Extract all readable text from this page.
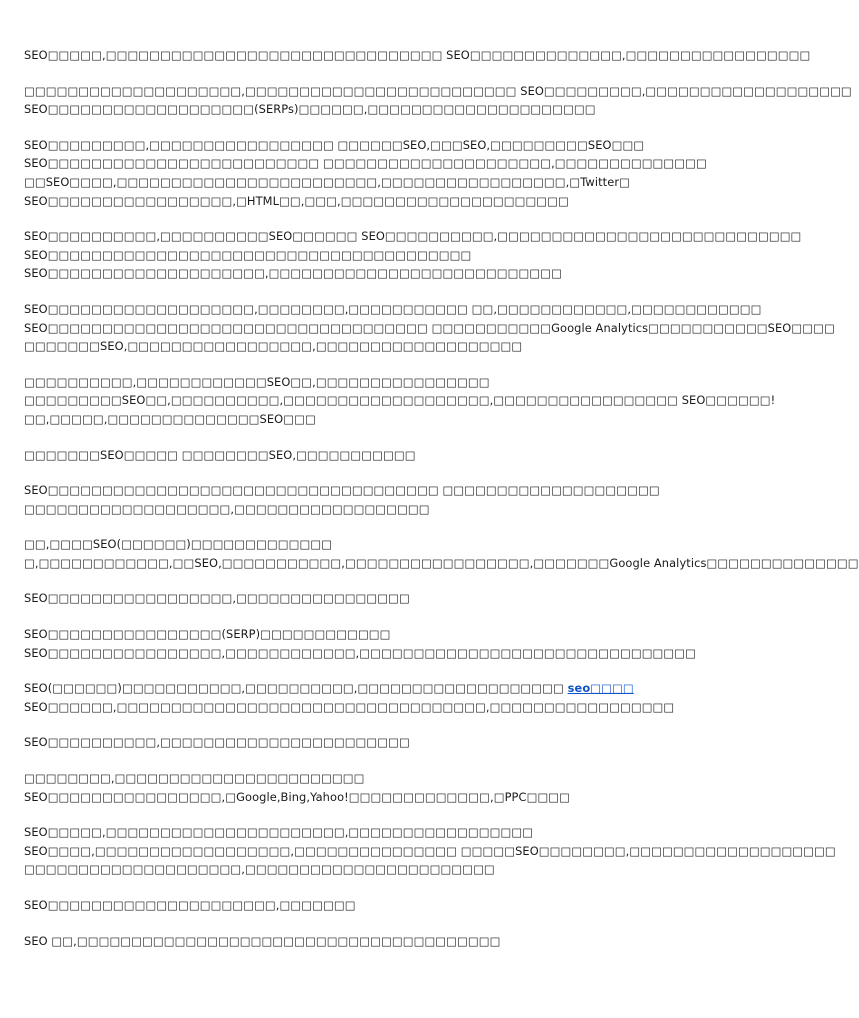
SEO□□□□□,□□□□□□□□□□□□□□□□□□□□□□□□□□□□□□□ SEO□□□□□□□□□□□□□□,□□□□□□□□□□□□□□□□□
□□□□□□□□□□□□□□□□□□□□,□□□□□□□□□□□□□□□□□□□□□□□□□ SEO□□□□□□□□□,□□□□□□□□□□□□□□□□□□□
SEO□□□□□□□□□□□□□□□□□□□(SERPs)□□□□□□,□□□□□□□□□□□□□□□□□□□□□
SEO□□□□□□□□□,□□□□□□□□□□□□□□□□□ □□□□□□SEO,□□□SEO,□□□□□□□□□SEO□□□
SEO□□□□□□□□□□□□□□□□□□□□□□□□□ □□□□□□□□□□□□□□□□□□□□□,□□□□□□□□□□□□□□
□□SEO□□□□,□□□□□□□□□□□□□□□□□□□□□□□□,□□□□□□□□□□□□□□□□□,□Twitter□
SEO□□□□□□□□□□□□□□□□□,□HTML□□,□□□,□□□□□□□□□□□□□□□□□□□□□
SEO□□□□□□□□□□,□□□□□□□□□□SEO□□□□□□ SEO□□□□□□□□□□,□□□□□□□□□□□□□□□□□□□□□□□□□□□□
SEO□□□□□□□□□□□□□□□□□□□□□□□□□□□□□□□□□□□□□□□
SEO□□□□□□□□□□□□□□□□□□□□,□□□□□□□□□□□□□□□□□□□□□□□□□□□
SEO□□□□□□□□□□□□□□□□□□□,□□□□□□□□,□□□□□□□□□□□ □□,□□□□□□□□□□□□,□□□□□□□□□□□□
SEO□□□□□□□□□□□□□□□□□□□□□□□□□□□□□□□□□□□ □□□□□□□□□□□Google Analytics□□□□□□□□□□□SEO□□□□
□□□□□□□SEO,□□□□□□□□□□□□□□□□□,□□□□□□□□□□□□□□□□□□□
□□□□□□□□□□,□□□□□□□□□□□□SEO□□,□□□□□□□□□□□□□□□□
□□□□□□□□□SEO□□,□□□□□□□□□□,□□□□□□□□□□□□□□□□□□□,□□□□□□□□□□□□□□□□□ SEO□□□□□□!
□□,□□□□□,□□□□□□□□□□□□□□SEO□□□
□□□□□□□SEO□□□□□ □□□□□□□□SEO,□□□□□□□□□□□
SEO□□□□□□□□□□□□□□□□□□□□□□□□□□□□□□□□□□□□ □□□□□□□□□□□□□□□□□□□□
□□□□□□□□□□□□□□□□□□□,□□□□□□□□□□□□□□□□□□
□□,□□□□SEO(□□□□□□)□□□□□□□□□□□□□
□,□□□□□□□□□□□□,□□SEO,□□□□□□□□□□□,□□□□□□□□□□□□□□□□□,□□□□□□□Google Analytics□□□□□□□□□□□□□□
SEO□□□□□□□□□□□□□□□□□,□□□□□□□□□□□□□□□□
SEO□□□□□□□□□□□□□□□□(SERP)□□□□□□□□□□□□
SEO□□□□□□□□□□□□□□□□,□□□□□□□□□□□□,□□□□□□□□□□□□□□□□□□□□□□□□□□□□□□□
SEO(□□□□□□)□□□□□□□□□□□,□□□□□□□□□□,□□□□□□□□□□□□□□□□□□□ seo□□□□
SEO□□□□□□,□□□□□□□□□□□□□□□□□□□□□□□□□□□□□□□□□□,□□□□□□□□□□□□□□□□□
SEO□□□□□□□□□□,□□□□□□□□□□□□□□□□□□□□□□□
□□□□□□□□,□□□□□□□□□□□□□□□□□□□□□□□
SEO□□□□□□□□□□□□□□□□,□Google,Bing,Yahoo!□□□□□□□□□□□□□,□PPC□□□□
SEO□□□□□,□□□□□□□□□□□□□□□□□□□□□□,□□□□□□□□□□□□□□□□□
SEO□□□□,□□□□□□□□□□□□□□□□□□,□□□□□□□□□□□□□□□ □□□□□SEO□□□□□□□□,□□□□□□□□□□□□□□□□□□□
□□□□□□□□□□□□□□□□□□□□,□□□□□□□□□□□□□□□□□□□□□□□
SEO□□□□□□□□□□□□□□□□□□□□□,□□□□□□□
SEO □□,□□□□□□□□□□□□□□□□□□□□□□□□□□□□□□□□□□□□□□□
